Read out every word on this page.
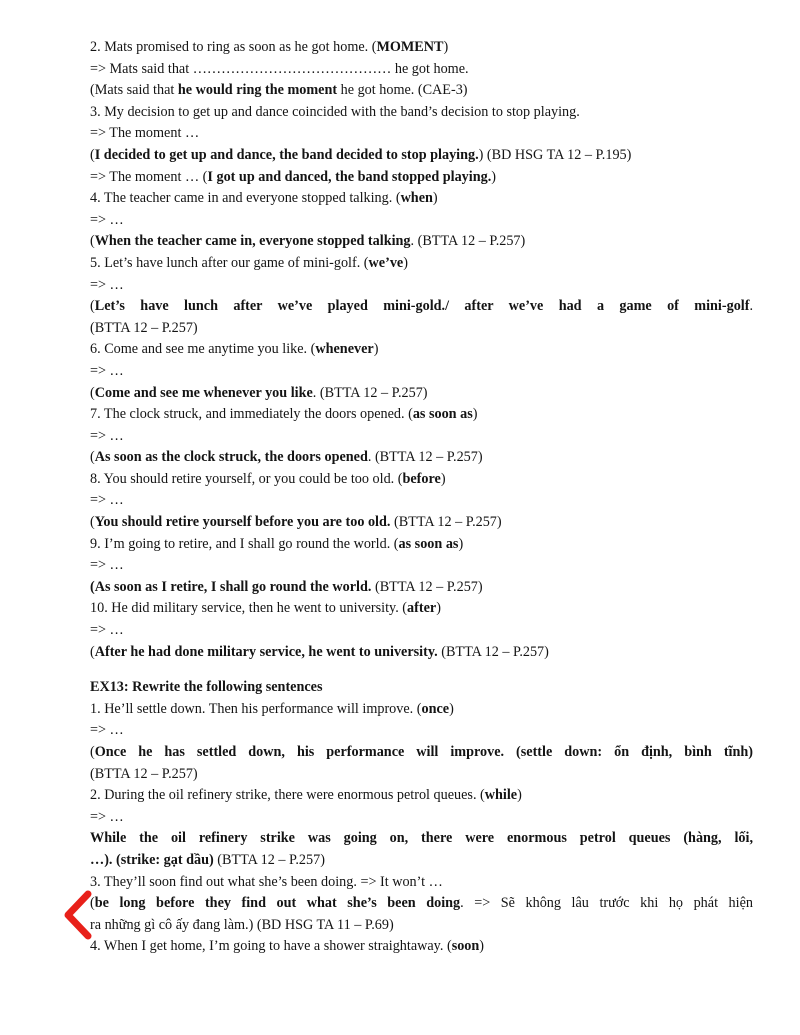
2. Mats promised to ring as soon as he got home. (MOMENT)
=> Mats said that …………………………………… he got home.
(Mats said that he would ring the moment he got home. (CAE-3)
3. My decision to get up and dance coincided with the band’s decision to stop playing.
=> The moment …
(I decided to get up and dance, the band decided to stop playing.) (BD HSG TA 12 – P.195)
=> The moment … (I got up and danced, the band stopped playing.)
4. The teacher came in and everyone stopped talking. (when)
=> …
(When the teacher came in, everyone stopped talking. (BTTA 12 – P.257)
5. Let’s have lunch after our game of mini-golf. (we’ve)
=> …
(Let’s have lunch after we’ve played mini-gold./ after we’ve had a game of mini-golf.
(BTTA 12 – P.257)
6. Come and see me anytime you like. (whenever)
=> …
(Come and see me whenever you like. (BTTA 12 – P.257)
7. The clock struck, and immediately the doors opened. (as soon as)
=> …
(As soon as the clock struck, the doors opened. (BTTA 12 – P.257)
8. You should retire yourself, or you could be too old. (before)
=> …
(You should retire yourself before you are too old. (BTTA 12 – P.257)
9. I’m going to retire, and I shall go round the world. (as soon as)
=> …
(As soon as I retire, I shall go round the world. (BTTA 12 – P.257)
10. He did military service, then he went to university. (after)
=> …
(After he had done military service, he went to university. (BTTA 12 – P.257)
EX13: Rewrite the following sentences
1. He’ll settle down. Then his performance will improve. (once)
=> …
(Once he has settled down, his performance will improve. (settle down: ổn định, bình tĩnh)
(BTTA 12 – P.257)
2. During the oil refinery strike, there were enormous petrol queues. (while)
=> …
While the oil refinery strike was going on, there were enormous petrol queues (hàng, lối,
…). (strike: gạt dầu) (BTTA 12 – P.257)
3. They’ll soon find out what she’s been doing. => It won’t …
(be long before they find out what she’s been doing. => Sẽ không lâu trước khi họ phát hiện
ra những gì cô ấy đang làm.) (BD HSG TA 11 – P.69)
4. When I get home, I’m going to have a shower straightaway. (soon)
